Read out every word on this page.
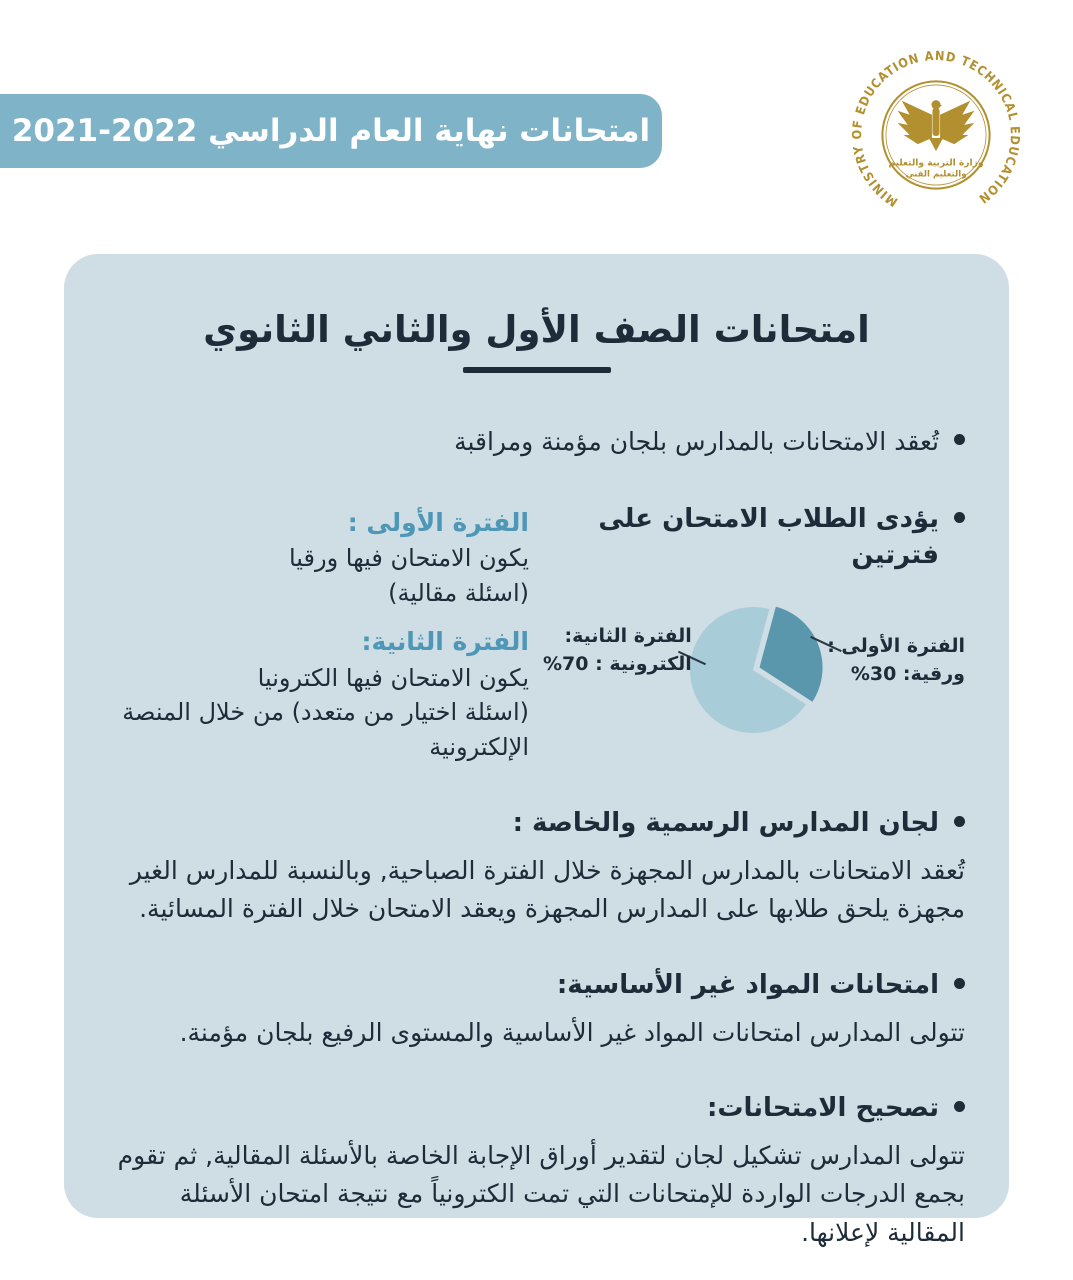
امتحانات نهاية العام الدراسي 2022-2021
MINISTRY OF EDUCATION AND TECHNICAL EDUCATION
وزارة التربية والتعليم
والتعليم الفني
امتحانات الصف الأول والثاني الثانوي
تُعقد الامتحانات بالمدارس بلجان مؤمنة ومراقبة
يؤدى الطلاب الامتحان على فترتين
الفترة الأولى :
ورقية: 30%
الفترة الثانية:
الكترونية : 70%
الفترة الأولى :
يكون الامتحان فيها ورقيا
(اسئلة مقالية)
الفترة الثانية:
يكون الامتحان فيها الكترونيا
(اسئلة اختيار من متعدد) من خلال المنصة الإلكترونية
لجان المدارس الرسمية والخاصة :
تُعقد الامتحانات بالمدارس المجهزة خلال الفترة الصباحية, وبالنسبة للمدارس الغير مجهزة يلحق طلابها على المدارس المجهزة ويعقد الامتحان خلال الفترة المسائية.
امتحانات المواد غير الأساسية:
تتولى المدارس امتحانات المواد غير الأساسية والمستوى الرفيع بلجان مؤمنة.
تصحيح الامتحانات:
تتولى المدارس تشكيل لجان لتقدير أوراق الإجابة الخاصة بالأسئلة المقالية, ثم تقوم بجمع الدرجات الواردة للإمتحانات التي تمت الكترونياً مع نتيجة امتحان الأسئلة المقالية لإعلانها.
